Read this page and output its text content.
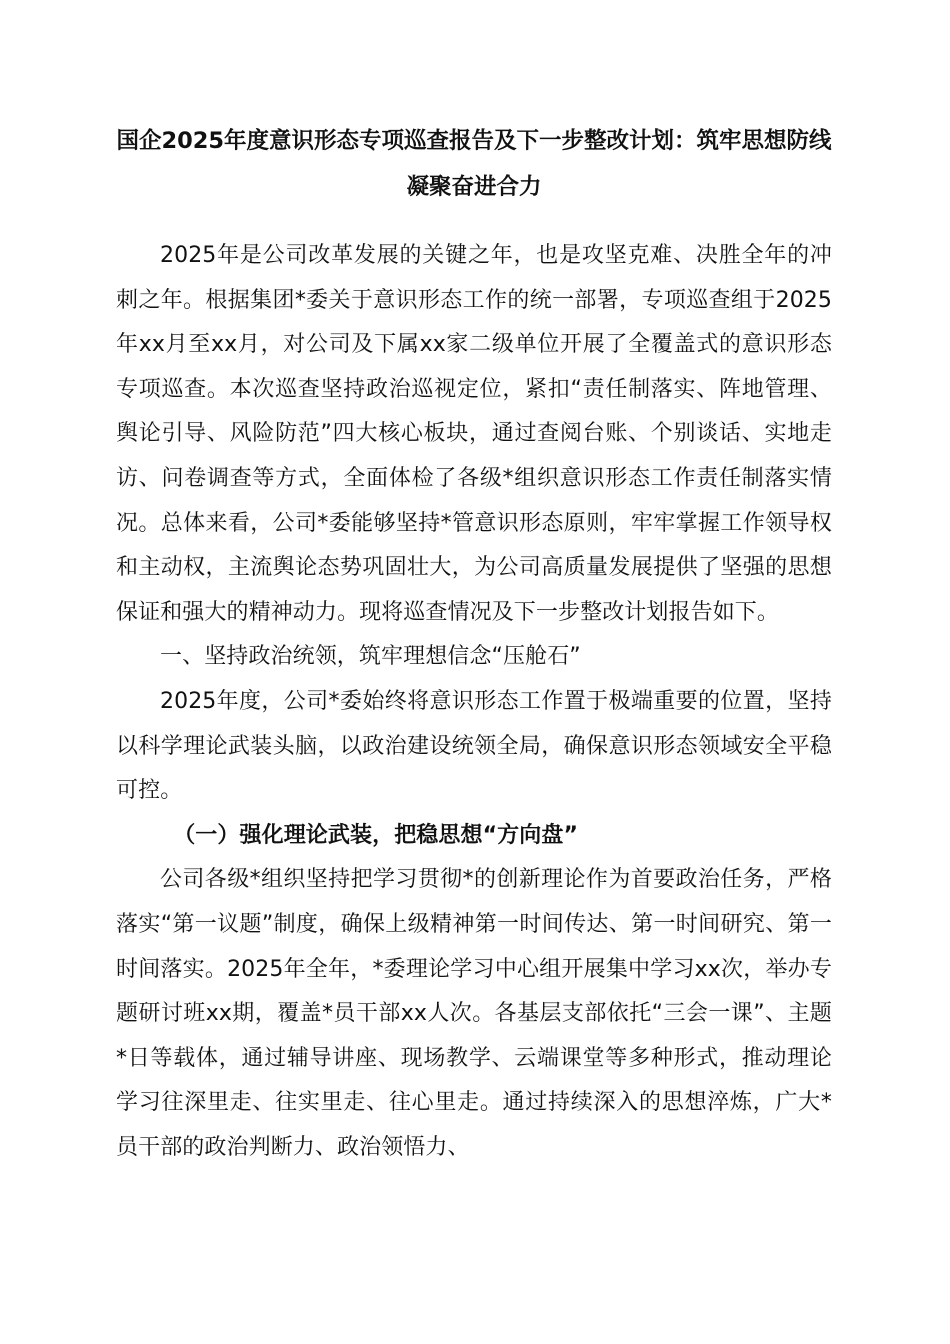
国企2025年度意识形态专项巡查报告及下一步整改计划：筑牢思想防线 凝聚奋进合力

2025年是公司改革发展的关键之年，也是攻坚克难、决胜全年的冲刺之年。根据集团*委关于意识形态工作的统一部署，专项巡查组于2025年xx月至xx月，对公司及下属xx家二级单位开展了全覆盖式的意识形态专项巡查。本次巡查坚持政治巡视定位，紧扣“责任制落实、阵地管理、舆论引导、风险防范”四大核心板块，通过查阅台账、个别谈话、实地走访、问卷调查等方式，全面体检了各级*组织意识形态工作责任制落实情况。总体来看，公司*委能够坚持*管意识形态原则，牢牢掌握工作领导权和主动权，主流舆论态势巩固壮大，为公司高质量发展提供了坚强的思想保证和强大的精神动力。现将巡查情况及下一步整改计划报告如下。

一、坚持政治统领，筑牢理想信念“压舱石”

2025年度，公司*委始终将意识形态工作置于极端重要的位置，坚持以科学理论武装头脑，以政治建设统领全局，确保意识形态领域安全平稳可控。

（一）强化理论武装，把稳思想“方向盘”

公司各级*组织坚持把学习贯彻*的创新理论作为首要政治任务，严格落实“第一议题”制度，确保上级精神第一时间传达、第一时间研究、第一时间落实。2025年全年，*委理论学习中心组开展集中学习xx次，举办专题研讨班xx期，覆盖*员干部xx人次。各基层支部依托“三会一课”、主题*日等载体，通过辅导讲座、现场教学、云端课堂等多种形式，推动理论学习往深里走、往实里走、往心里走。通过持续深入的思想淬炼，广大*员干部的政治判断力、政治领悟力、
